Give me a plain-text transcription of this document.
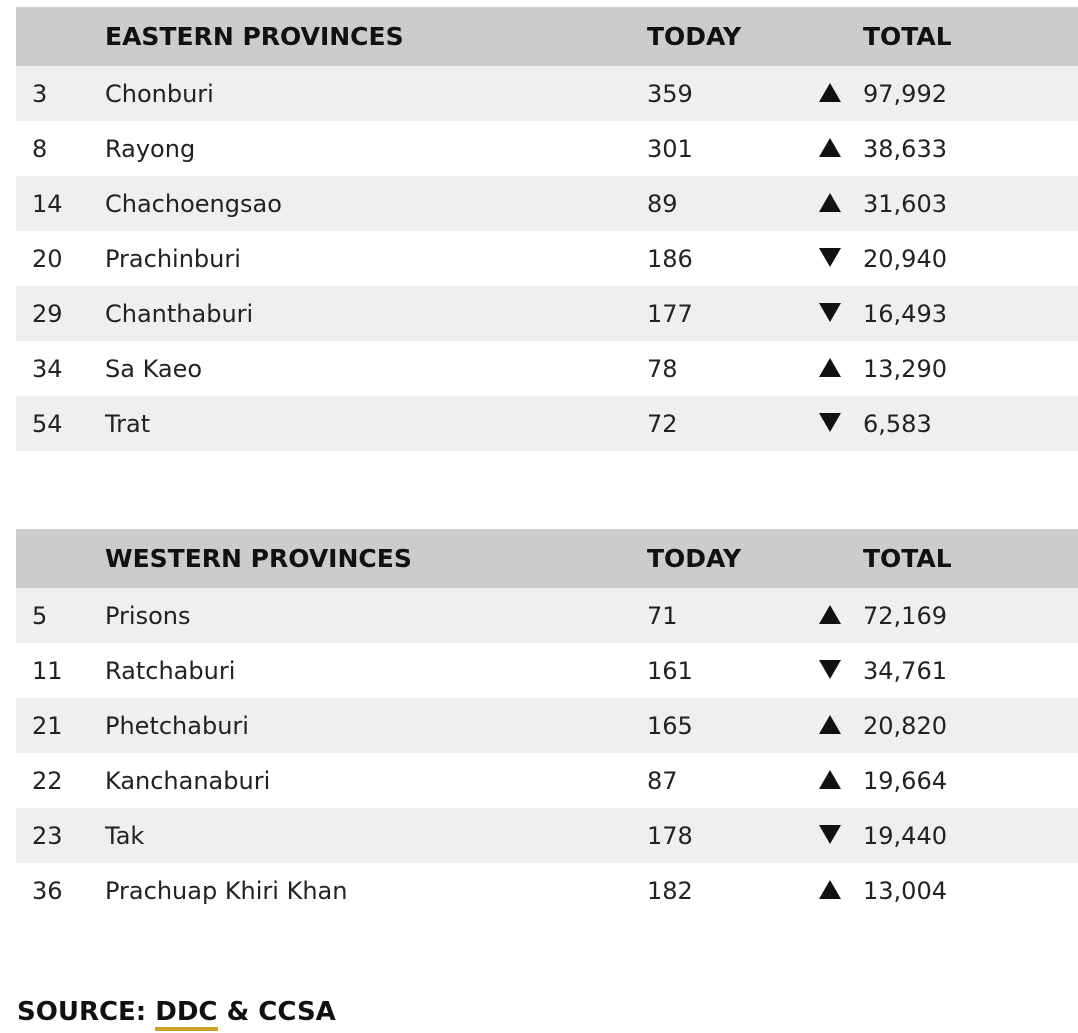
	EASTERN PROVINCES	TODAY		TOTAL
3	Chonburi	359		97,992
8	Rayong	301		38,633
14	Chachoengsao	89		31,603
20	Prachinburi	186		20,940
29	Chanthaburi	177		16,493
34	Sa Kaeo	78		13,290
54	Trat	72		6,583
	WESTERN PROVINCES	TODAY		TOTAL
5	Prisons	71		72,169
11	Ratchaburi	161		34,761
21	Phetchaburi	165		20,820
22	Kanchanaburi	87		19,664
23	Tak	178		19,440
36	Prachuap Khiri Khan	182		13,004
SOURCE: DDC & CCSA
